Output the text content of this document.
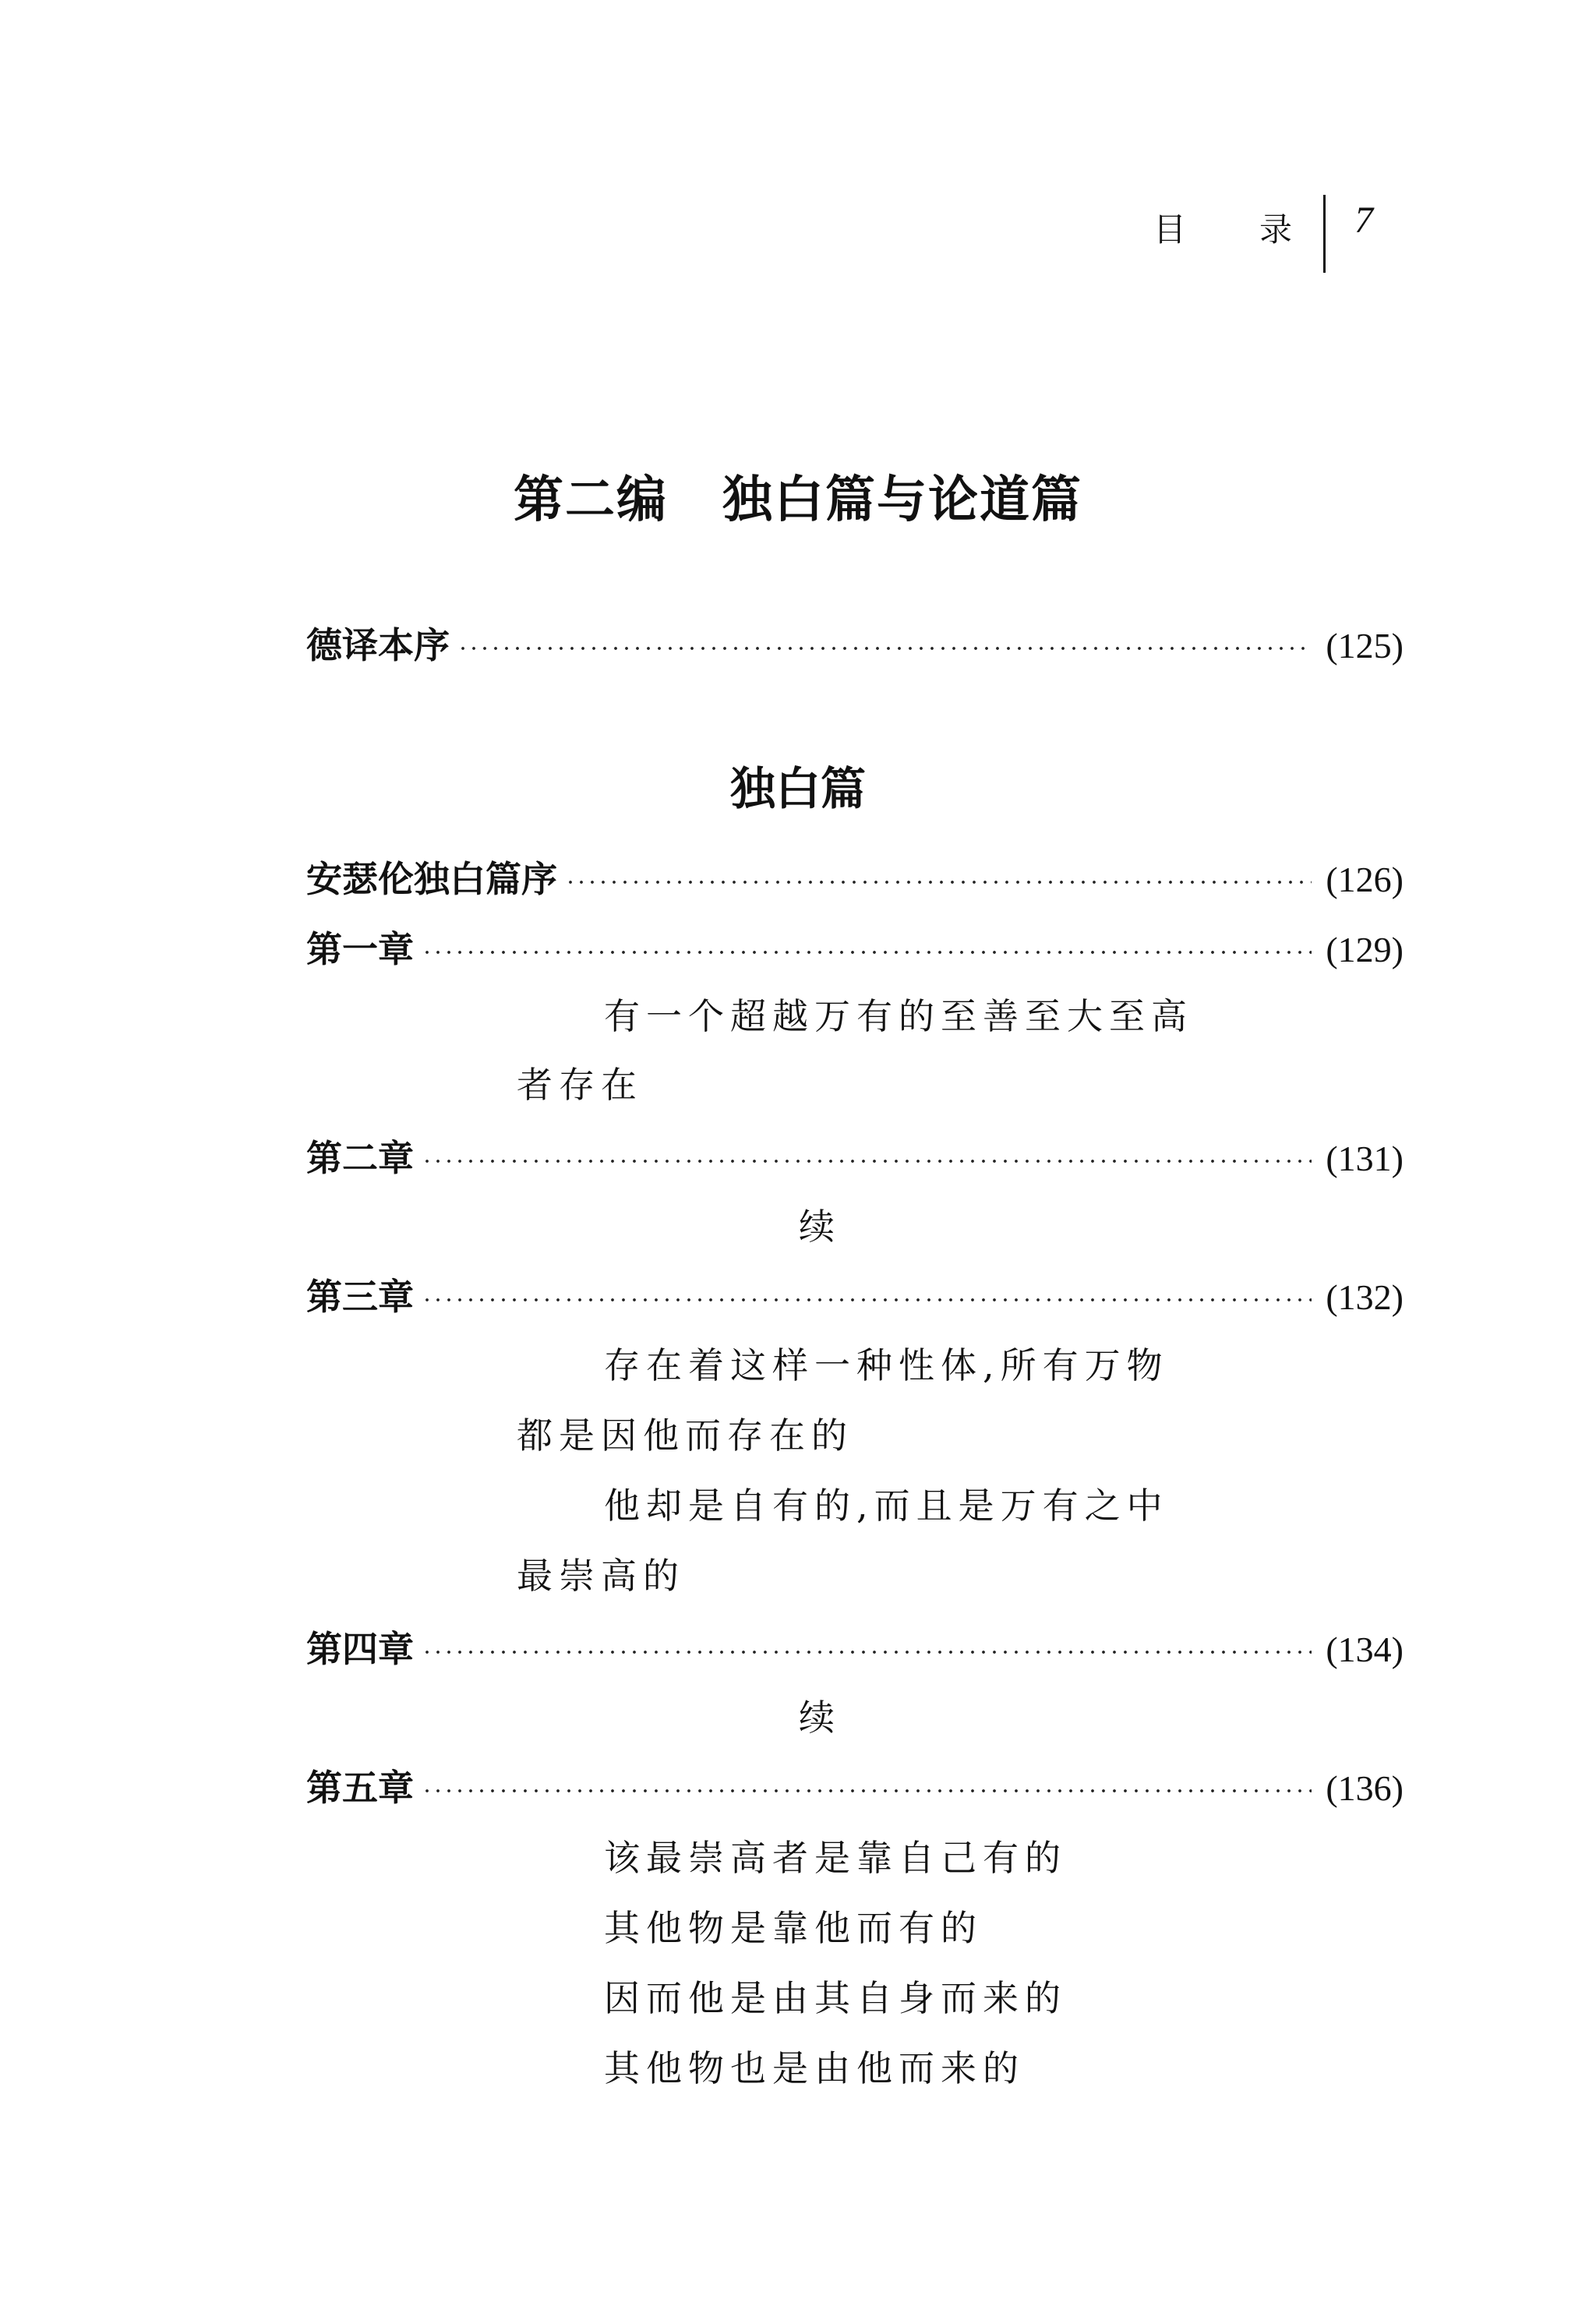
目 录	7
第二编 独白篇与论道篇
德译本序	(125)
独白篇
安瑟伦独白篇序	(126)
第一章	(129)
有一个超越万有的至善至大至高
者存在
第二章	(131)
续
第三章	(132)
存在着这样一种性体,所有万物
都是因他而存在的
他却是自有的,而且是万有之中
最崇高的
第四章	(134)
续
第五章	(136)
该最崇高者是靠自己有的
其他物是靠他而有的
因而他是由其自身而来的
其他物也是由他而来的
